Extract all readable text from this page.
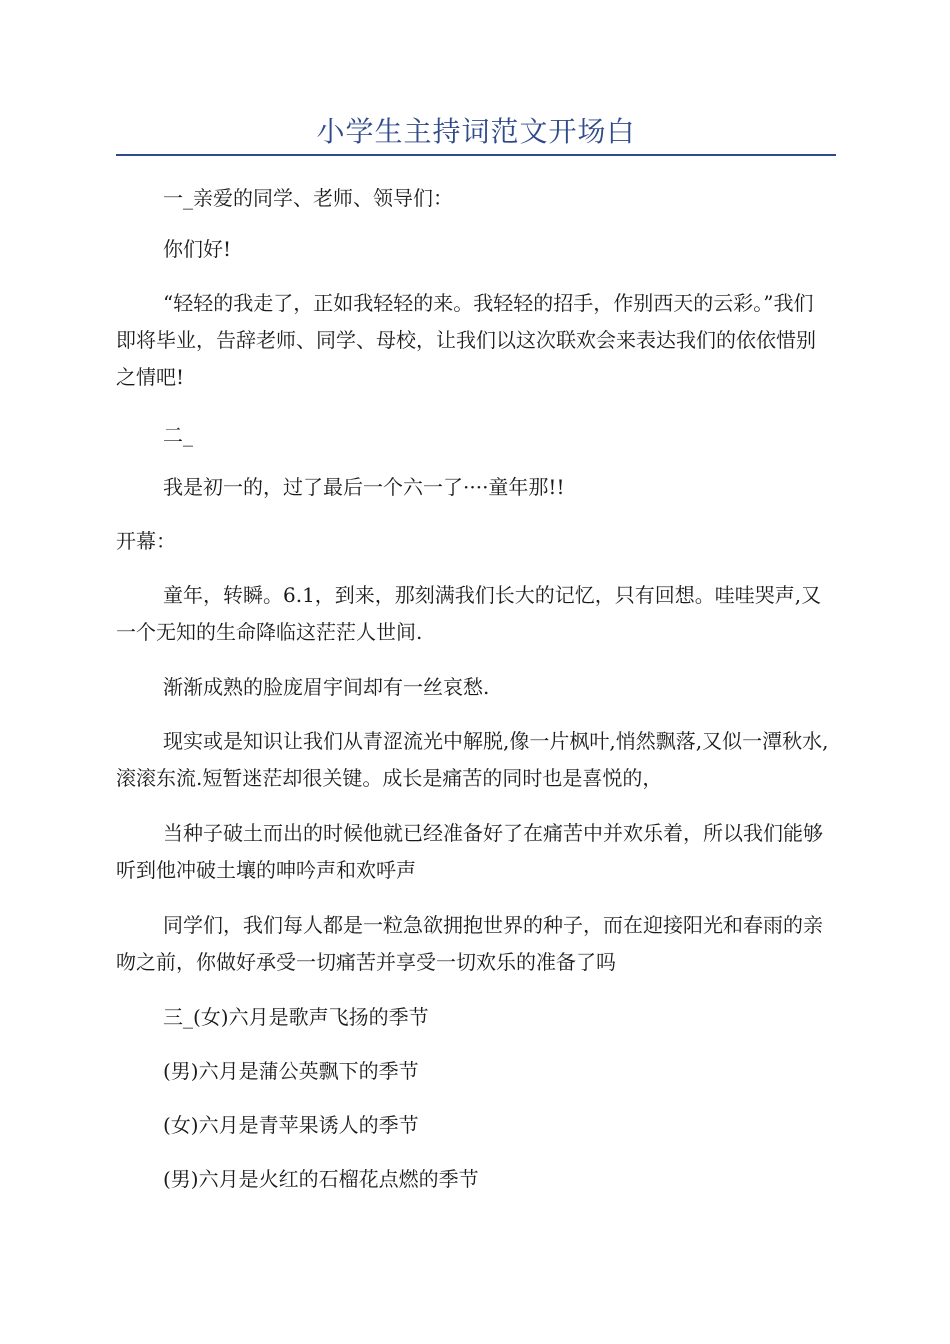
小学生主持词范文开场白

一_亲爱的同学、老师、领导们：

你们好!

“轻轻的我走了，正如我轻轻的来。我轻轻的招手，作别西天的云彩。”我们即将毕业，告辞老师、同学、母校，让我们以这次联欢会来表达我们的依依惜别之情吧!

二_

我是初一的，过了最后一个六一了····童年那!!

开幕：

童年，转瞬。6.1，到来，那刻满我们长大的记忆，只有回想。哇哇哭声,又一个无知的生命降临这茫茫人世间.

渐渐成熟的脸庞眉宇间却有一丝哀愁.

现实或是知识让我们从青涩流光中解脱,像一片枫叶,悄然飘落,又似一潭秋水,滚滚东流.短暂迷茫却很关键。成长是痛苦的同时也是喜悦的，

当种子破土而出的时候他就已经准备好了在痛苦中并欢乐着，所以我们能够听到他冲破土壤的呻吟声和欢呼声

同学们，我们每人都是一粒急欲拥抱世界的种子，而在迎接阳光和春雨的亲吻之前，你做好承受一切痛苦并享受一切欢乐的准备了吗

三_(女)六月是歌声飞扬的季节

(男)六月是蒲公英飘下的季节

(女)六月是青苹果诱人的季节

(男)六月是火红的石榴花点燃的季节
